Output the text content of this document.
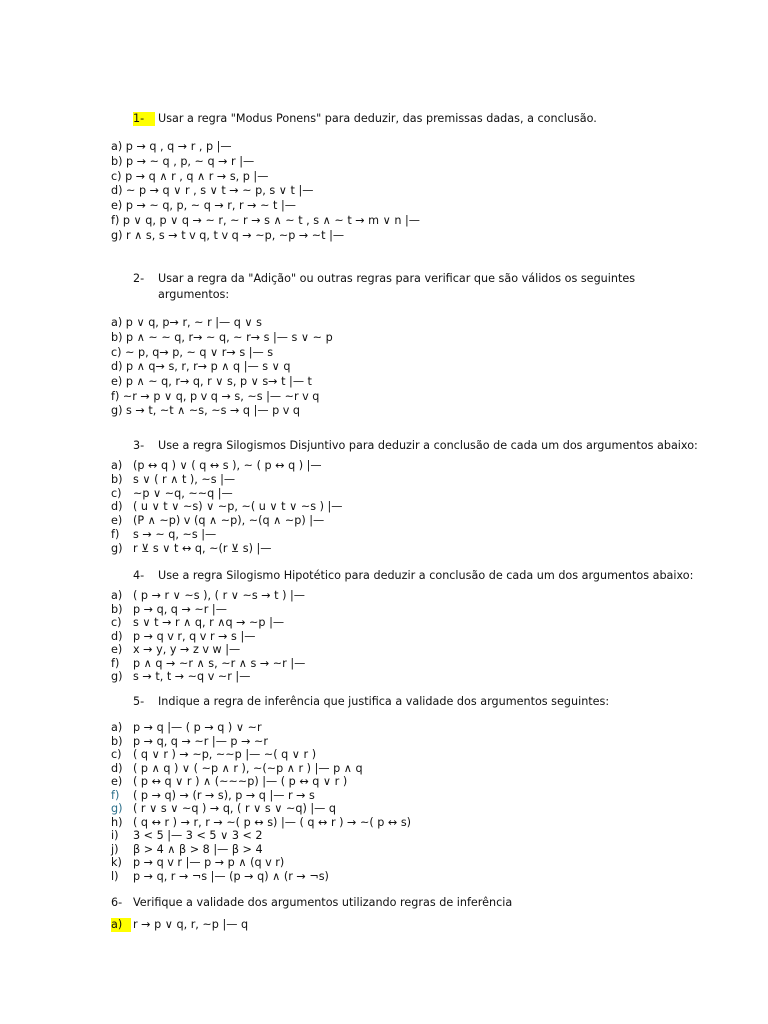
1-	Usar a regra "Modus Ponens" para deduzir, das premissas dadas, a conclusão.
a) p → q , q → r , p |—
b) p → ~ q , p, ~ q → r |—
c) p → q ∧ r , q ∧ r → s, p |—
d) ~ p → q ∨ r , s ∨ t → ~ p, s ∨ t |—
e) p → ~ q, p, ~ q → r, r → ~ t |—
f) p ∨ q, p ∨ q → ~ r, ~ r → s ∧ ~ t , s ∧ ~ t → m ∨ n |—
g) r ∧ s, s → t v q, t v q → ~p, ~p → ~t |—
2- Usar a regra da "Adição" ou outras regras para verificar que são válidos os seguintes
argumentos:
a) p ∨ q, p→ r, ~ r |— q ∨ s
b) p ∧ ~ ~ q, r→ ~ q, ~ r→ s |— s ∨ ~ p
c) ~ p, q→ p, ~ q ∨ r→ s |— s
d) p ∧ q→ s, r, r→ p ∧ q |— s ∨ q
e) p ∧ ~ q, r→ q, r ∨ s, p ∨ s→ t |— t
f) ~r → p ∨ q, p v q → s, ~s |— ~r v q
g) s → t, ~t ∧ ~s, ~s → q |— p v q
3- Use a regra Silogismos Disjuntivo para deduzir a conclusão de cada um dos argumentos abaixo:
a) (p ↔ q ) ∨ ( q ↔ s ), ~ ( p ↔ q ) |—
b) s ∨ ( r ∧ t ), ~s |—
c)	~p ∨ ~q, ~~q |—
d) ( u ∨ t ∨ ~s) ∨ ~p, ~( u ∨ t ∨ ~s ) |—
e) (P ∧ ~p) v (q ∧ ~p), ~(q ∧ ~p) |—
f)	s → ~ q, ~s |—
g) r ⊻ s ∨ t ↔ q, ~(r ⊻ s) |—
4- Use a regra Silogismo Hipotético para deduzir a conclusão de cada um dos argumentos abaixo:
a) ( p → r ∨ ~s ), ( r ∨ ~s → t ) |—
b) p → q, q → ~r |—
c)	s ∨ t → r ∧ q, r ∧q → ~p |—
d) p → q v r, q v r → s |—
e) x → y, y → z v w |—
f)	p ∧ q → ~r ∧ s, ~r ∧ s → ~r |—
g) s → t, t → ~q v ~r |—
5- Indique a regra de inferência que justifica a validade dos argumentos seguintes:
a) p → q |— ( p → q ) ∨ ~r
b) p → q, q → ~r |— p → ~r
c)	( q ∨ r ) → ~p, ~~p |— ~( q ∨ r )
d) ( p ∧ q ) ∨ ( ~p ∧ r ), ~(~p ∧ r ) |— p ∧ q
e) ( p ↔ q ∨ r ) ∧ (~~~p) |— ( p ↔ q ∨ r )
f)	( p → q) → (r → s), p → q |— r → s
g) ( r ∨ s ∨ ~q ) → q, ( r ∨ s ∨ ~q) |— q
h) ( q ↔ r ) → r, r → ~( p ↔ s) |— ( q ↔ r ) → ~( p ↔ s)
i)	3 < 5 |— 3 < 5 ∨ 3 < 2
j)	β > 4 ∧ β > 8 |— β > 4
k) p → q v r |— p → p ∧ (q v r)
l)	p → q, r → ¬s |— (p → q) ∧ (r → ¬s)
6- Verifique a validade dos argumentos utilizando regras de inferência
a) r → p ∨ q, r, ~p |— q
